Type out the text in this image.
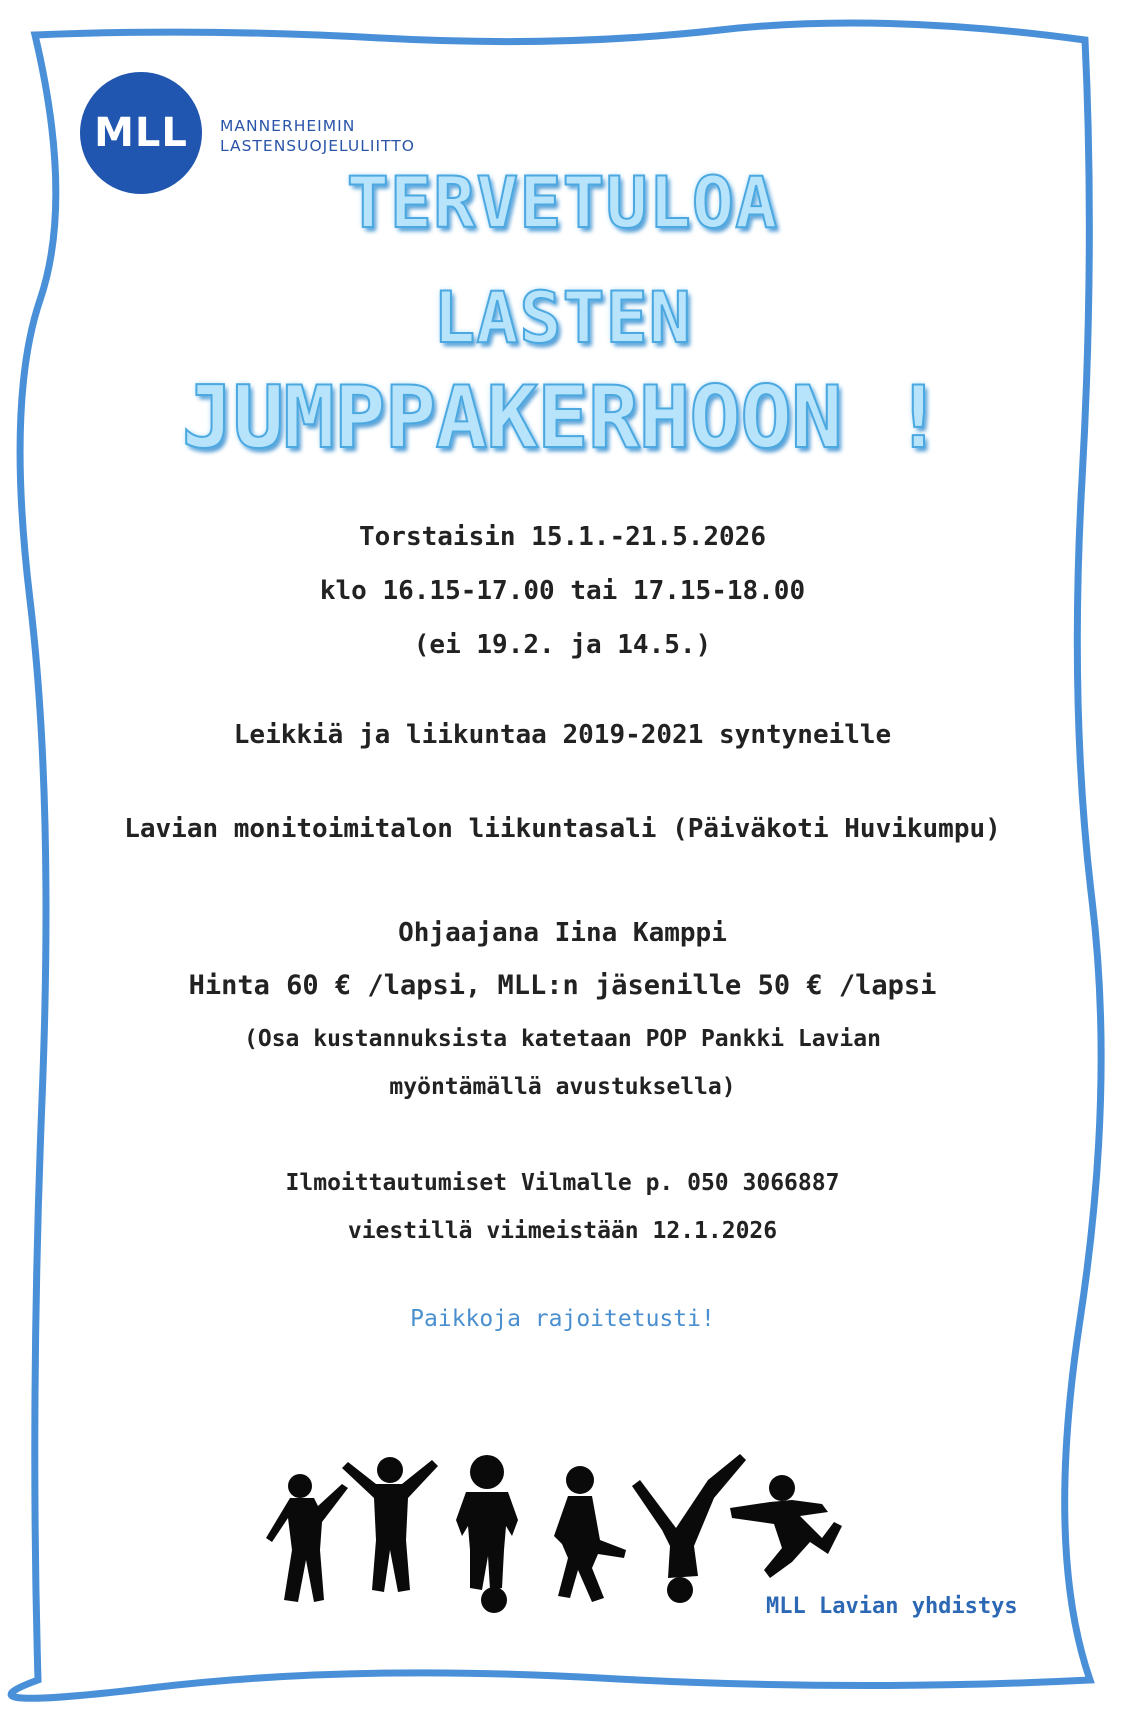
MLL MANNERHEIMIN
LASTENSUOJELULIITTO
TERVETULOA
LASTEN
JUMPPAKERHOON !
Torstaisin 15.1.-21.5.2026
klo 16.15-17.00 tai 17.15-18.00
(ei 19.2. ja 14.5.)
Leikkiä ja liikuntaa 2019-2021 syntyneille
Lavian monitoimitalon liikuntasali (Päiväkoti Huvikumpu)
Ohjaajana Iina Kamppi
Hinta 60 € /lapsi, MLL:n jäsenille 50 € /lapsi
(Osa kustannuksista katetaan POP Pankki Lavian
myöntämällä avustuksella)
Ilmoittautumiset Vilmalle p. 050 3066887
viestillä viimeistään 12.1.2026
Paikkoja rajoitetusti!
MLL Lavian yhdistys
